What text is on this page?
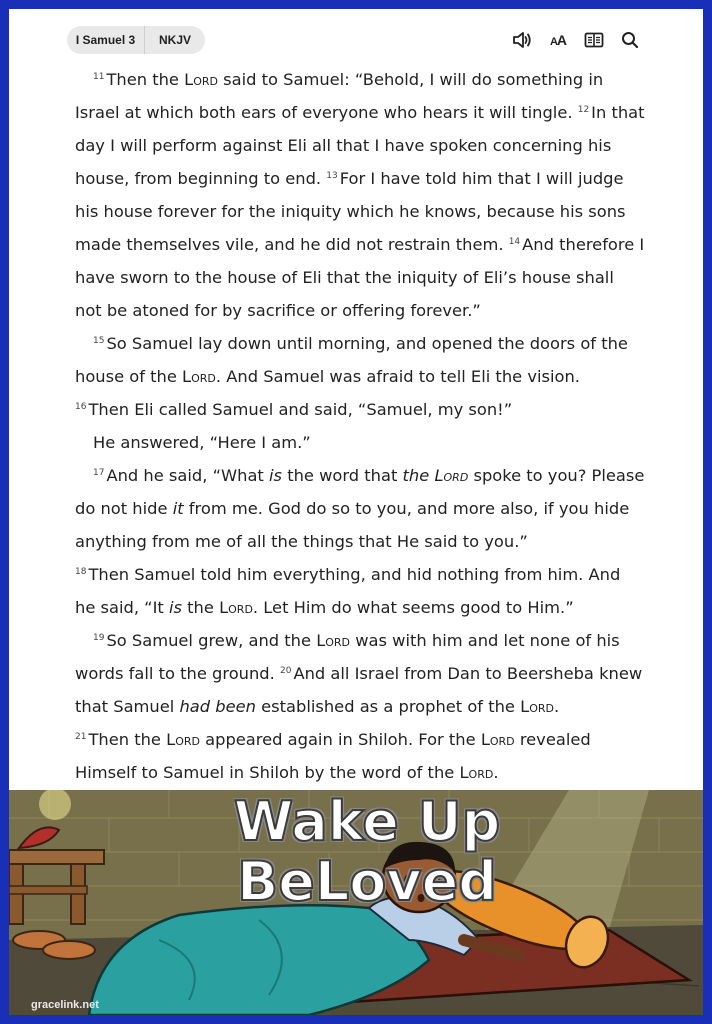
I Samuel 3	NKJV	AA

$^{11}$ Then the Lord said to Samuel: “Behold, I will do something in Israel at which both ears of everyone who hears it will tingle. $^{12}$ In that day I will perform against Eli all that I have spoken concerning his house, from beginning to end. $^{13}$ For I have told him that I will judge his house forever for the iniquity which he knows, because his sons made themselves vile, and he did not restrain them. $^{14}$ And therefore I have sworn to the house of Eli that the iniquity of Eli’s house shall not be atoned for by sacrifice or offering forever.”

$^{15}$ So Samuel lay down until morning, and opened the doors of the house of the Lord. And Samuel was afraid to tell Eli the vision.

$^{16}$ Then Eli called Samuel and said, “Samuel, my son!”

He answered, “Here I am.”

$^{17}$ And he said, “What is the word that the Lord spoke to you? Please do not hide it from me. God do so to you, and more also, if you hide anything from me of all the things that He said to you.”

$^{18}$ Then Samuel told him everything, and hid nothing from him. And he said, “It is the Lord. Let Him do what seems good to Him.”

$^{19}$ So Samuel grew, and the Lord was with him and let none of his words fall to the ground. $^{20}$ And all Israel from Dan to Beersheba knew that Samuel had been established as a prophet of the Lord.

$^{21}$ Then the Lord appeared again in Shiloh. For the Lord revealed Himself to Samuel in Shiloh by the word of the Lord.

Wake Up BeLoved
gracelink.net
